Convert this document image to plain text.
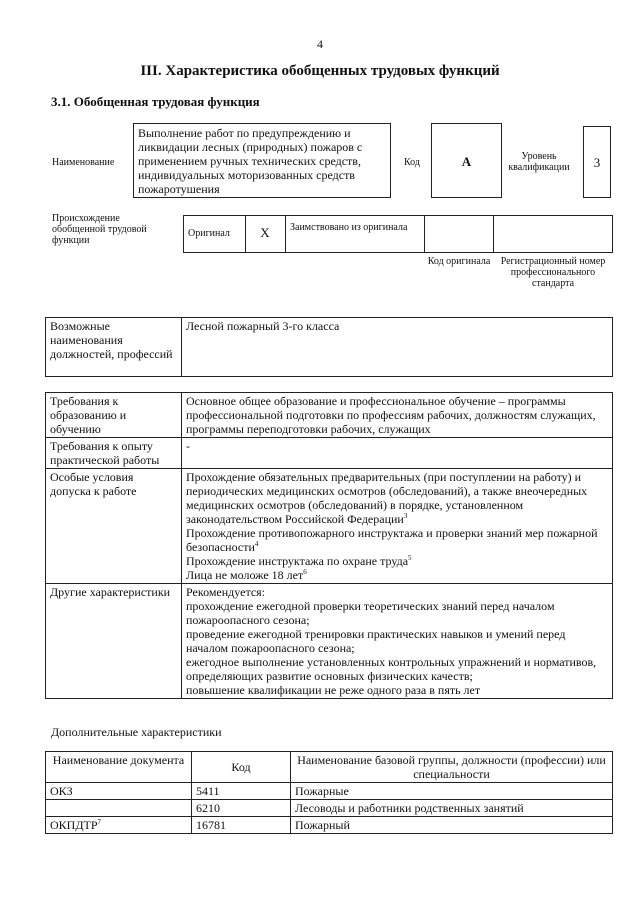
4
III. Характеристика обобщенных трудовых функций
3.1. Обобщенная трудовая функция
Наименование
Выполнение работ по предупреждению и ликвидации лесных (природных) пожаров с применением ручных технических средств, индивидуальных моторизованных средств пожаротушения
Код	A	Уровень квалификации	3
Происхождение обобщенной трудовой функции
Оригинал	X	Заимствовано из оригинала
Код оригинала	Регистрационный номер профессионального стандарта
Возможные наименования должностей, профессий	Лесной пожарный 3-го класса
Требования к образованию и обучению	Основное общее образование и профессиональное обучение – программы профессиональной подготовки по профессиям рабочих, должностям служащих, программы переподготовки рабочих, служащих
Требования к опыту практической работы	-
Особые условия допуска к работе	Прохождение обязательных предварительных (при поступлении на работу) и периодических медицинских осмотров (обследований), а также внеочередных медицинских осмотров (обследований) в порядке, установленном законодательством Российской Федерации$^3$
Прохождение противопожарного инструктажа и проверки знаний мер пожарной безопасности$^4$
Прохождение инструктажа по охране труда$^5$
Лица не моложе 18 лет$^6$

Другие характеристики	Рекомендуется:
прохождение ежегодной проверки теоретических знаний перед началом пожароопасного сезона;
проведение ежегодной тренировки практических навыков и умений перед началом пожароопасного сезона;
ежегодное выполнение установленных контрольных упражнений и нормативов, определяющих развитие основных физических качеств;
повышение квалификации не реже одного раза в пять лет
Дополнительные характеристики
Наименование документа	Код	Наименование базовой группы, должности (профессии) или специальности
ОКЗ	5411	Пожарные
	6210	Лесоводы и работники родственных занятий
ОКПДТР$^7$	16781	Пожарный
